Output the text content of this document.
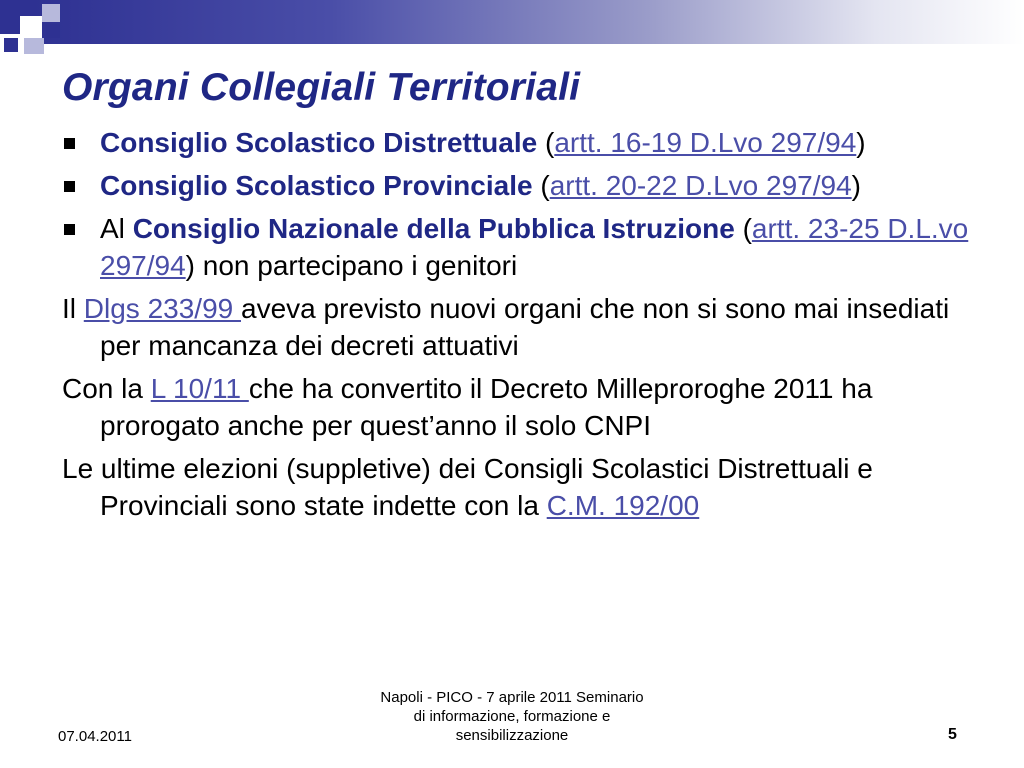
Organi Collegiali Territoriali

Consiglio Scolastico Distrettuale (artt. 16-19 D.Lvo 297/94)

Consiglio Scolastico Provinciale (artt. 20-22 D.Lvo 297/94)

Al Consiglio Nazionale della Pubblica Istruzione (artt. 23-25 D.L.vo 297/94) non partecipano i genitori

Il Dlgs 233/99 aveva previsto nuovi organi che non si sono mai insediati per mancanza dei decreti attuativi

Con la L 10/11 che ha convertito il Decreto Milleproroghe 2011 ha prorogato anche per quest’anno il solo CNPI

Le ultime elezioni (suppletive) dei Consigli Scolastici Distrettuali e Provinciali sono state indette con la C.M. 192/00

07.04.2011
Napoli - PICO - 7 aprile 2011 Seminario
di informazione, formazione e
sensibilizzazione	5
